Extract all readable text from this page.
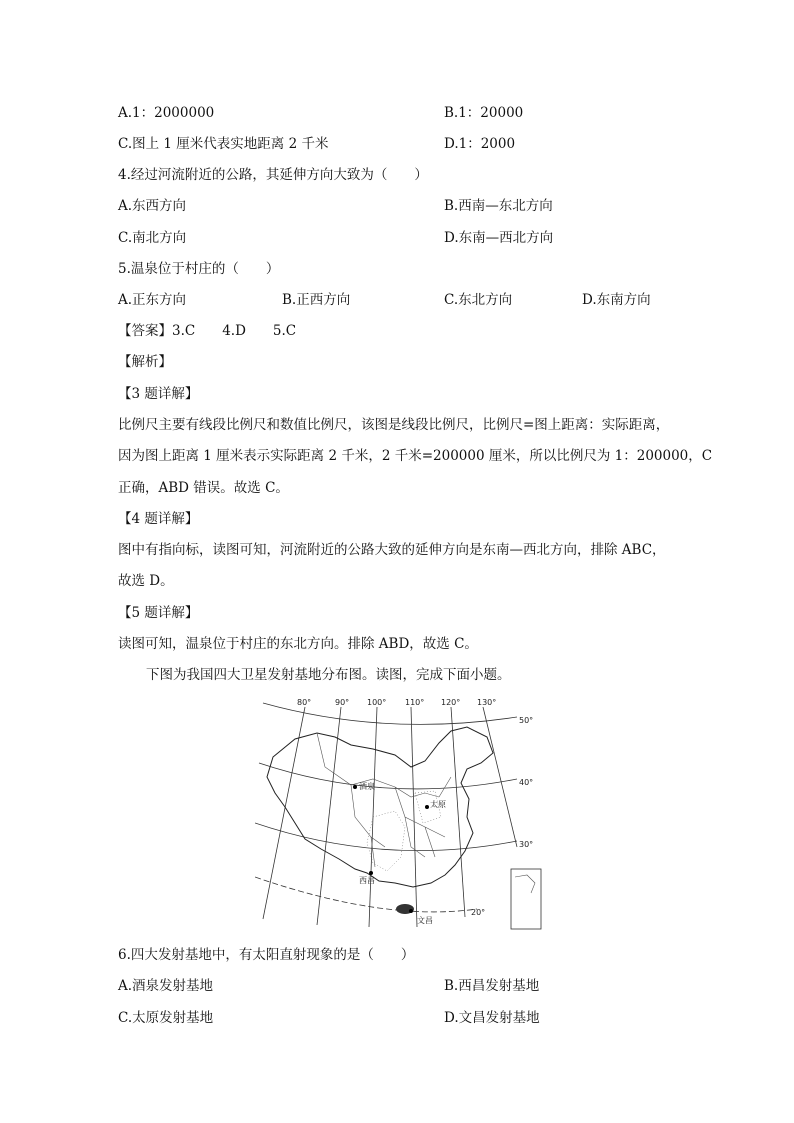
A.1：2000000	B.1：20000
C.图上 1 厘米代表实地距离 2 千米	D.1：2000
4.经过河流附近的公路，其延伸方向大致为（　　）
A.东西方向	B.西南—东北方向
C.南北方向	D.东南—西北方向
5.温泉位于村庄的（　　）
A.正东方向	B.正西方向	C.东北方向	D.东南方向
【答案】3.C　　4.D　　5.C
【解析】
【3 题详解】
比例尺主要有线段比例尺和数值比例尺，该图是线段比例尺，比例尺=图上距离：实际距离，
因为图上距离 1 厘米表示实际距离 2 千米，2 千米=200000 厘米，所以比例尺为 1：200000，C
正确，ABD 错误。故选 C。
【4 题详解】
图中有指向标，读图可知，河流附近的公路大致的延伸方向是东南—西北方向，排除 ABC，
故选 D。
【5 题详解】
读图可知，温泉位于村庄的东北方向。排除 ABD，故选 C。
下图为我国四大卫星发射基地分布图。读图，完成下面小题。
80°	90° 100° 110° 120° 130°
50°
40°
30°
20°
酒泉
太原
西昌
文昌
6.四大发射基地中，有太阳直射现象的是（　　）
A.酒泉发射基地	B.西昌发射基地
C.太原发射基地	D.文昌发射基地
